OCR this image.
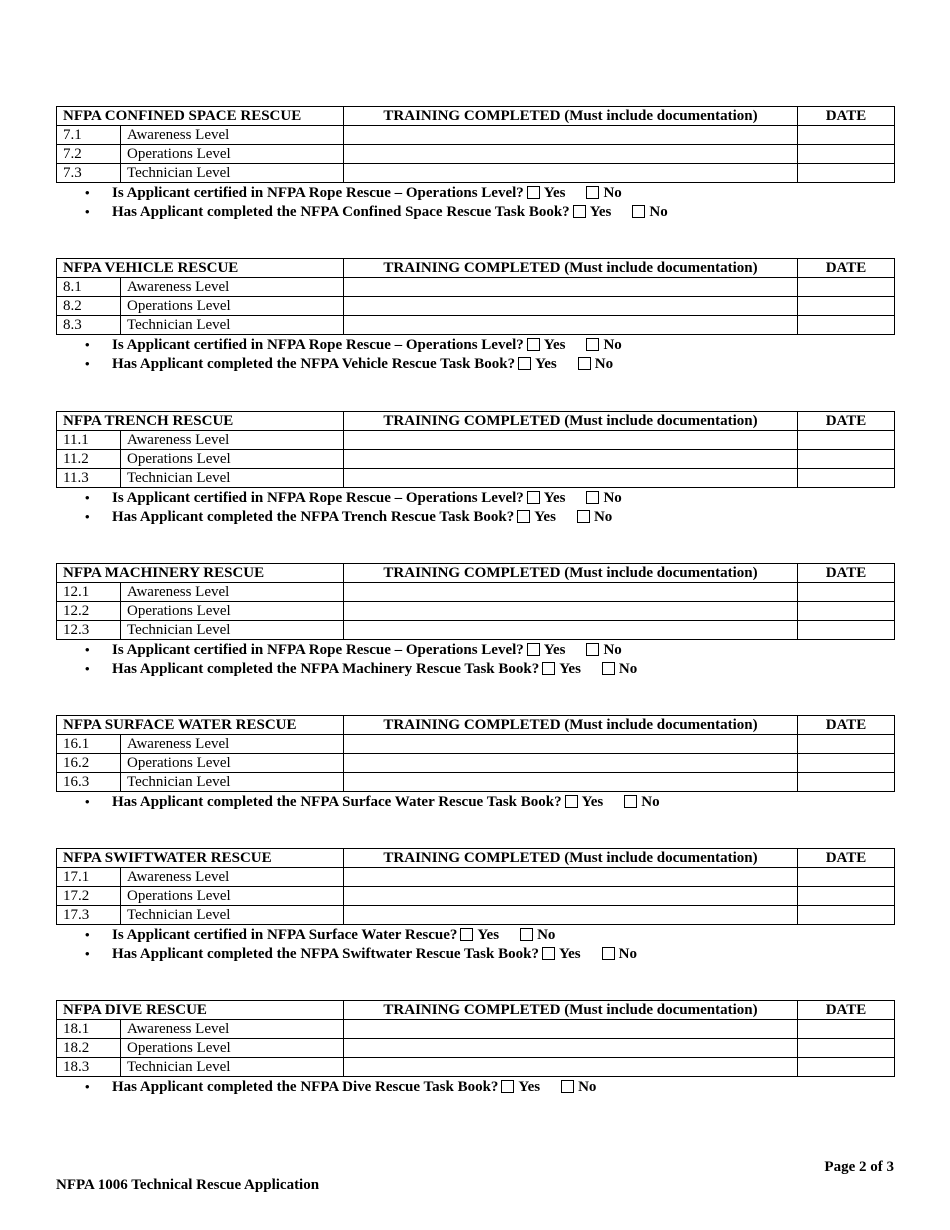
NFPA CONFINED SPACE RESCUE		TRAINING COMPLETED (Must include documentation)	DATE
7.1	Awareness Level		
7.2	Operations Level		
7.3	Technician Level		
• Is Applicant certified in NFPA Rope Rescue – Operations Level? Yes	No
• Has Applicant completed the NFPA Confined Space Rescue Task Book? Yes	No
NFPA VEHICLE RESCUE		TRAINING COMPLETED (Must include documentation)	DATE
8.1	Awareness Level		
8.2	Operations Level		
8.3	Technician Level		
• Is Applicant certified in NFPA Rope Rescue – Operations Level? Yes	No
• Has Applicant completed the NFPA Vehicle Rescue Task Book? Yes	No
NFPA TRENCH RESCUE		TRAINING COMPLETED (Must include documentation)	DATE
11.1	Awareness Level		
11.2	Operations Level		
11.3	Technician Level		
• Is Applicant certified in NFPA Rope Rescue – Operations Level? Yes	No
• Has Applicant completed the NFPA Trench Rescue Task Book? Yes	No
NFPA MACHINERY RESCUE		TRAINING COMPLETED (Must include documentation)	DATE
12.1	Awareness Level		
12.2	Operations Level		
12.3	Technician Level		
• Is Applicant certified in NFPA Rope Rescue – Operations Level? Yes	No
• Has Applicant completed the NFPA Machinery Rescue Task Book? Yes	No
NFPA SURFACE WATER RESCUE		TRAINING COMPLETED (Must include documentation)	DATE
16.1	Awareness Level		
16.2	Operations Level		
16.3	Technician Level		
• Has Applicant completed the NFPA Surface Water Rescue Task Book? Yes	No
NFPA SWIFTWATER RESCUE		TRAINING COMPLETED (Must include documentation)	DATE
17.1	Awareness Level		
17.2	Operations Level		
17.3	Technician Level		
• Is Applicant certified in NFPA Surface Water Rescue? Yes	No
• Has Applicant completed the NFPA Swiftwater Rescue Task Book? Yes	No
NFPA DIVE RESCUE		TRAINING COMPLETED (Must include documentation)	DATE
18.1	Awareness Level		
18.2	Operations Level		
18.3	Technician Level		
• Has Applicant completed the NFPA Dive Rescue Task Book? Yes	No
Page 2 of 3
NFPA 1006 Technical Rescue Application
